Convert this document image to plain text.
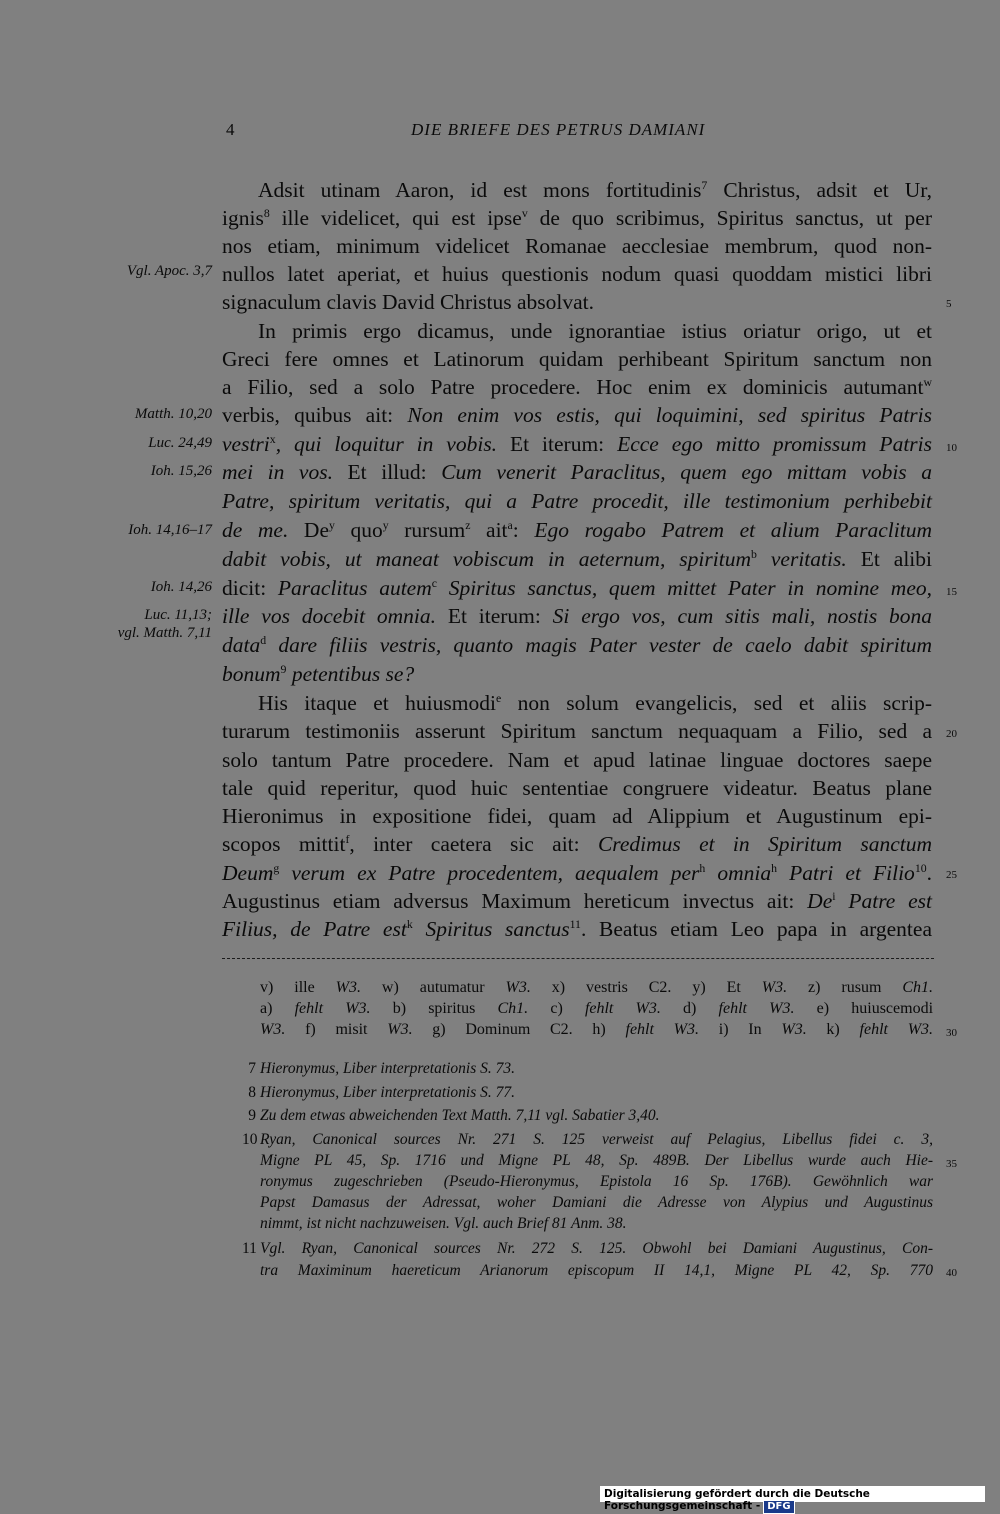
4	DIE BRIEFE DES PETRUS DAMIANI
Vgl. Apoc. 3,7
Matth. 10,20
Luc. 24,49
Ioh. 15,26
Ioh. 14,16–17
Ioh. 14,26
Luc. 11,13;
vgl. Matth. 7,11
5
10
15
20
25
30
35
40
Adsit utinam Aaron, id est mons fortitudinis$^7$ Christus, adsit et Ur,
ignis$^8$ ille videlicet, qui est ipse$^v$ de quo scribimus, Spiritus sanctus, ut per
nos etiam, minimum videlicet Romanae aecclesiae membrum, quod non-
nullos latet aperiat, et huius questionis nodum quasi quoddam mistici libri
signaculum clavis David Christus absolvat.
In primis ergo dicamus, unde ignorantiae istius oriatur origo, ut et
Greci fere omnes et Latinorum quidam perhibeant Spiritum sanctum non
a Filio, sed a solo Patre procedere. Hoc enim ex dominicis autumant$^w$
verbis, quibus ait: Non enim vos estis, qui loquimini, sed spiritus Patris
vestri$^x$, qui loquitur in vobis. Et iterum: Ecce ego mitto promissum Patris
mei in vos. Et illud: Cum venerit Paraclitus, quem ego mittam vobis a
Patre, spiritum veritatis, qui a Patre procedit, ille testimonium perhibebit
de me. De$^y$ quo$^y$ rursum$^z$ ait$^a$: Ego rogabo Patrem et alium Paraclitum
dabit vobis, ut maneat vobiscum in aeternum, spiritum$^b$ veritatis. Et alibi
dicit: Paraclitus autem$^c$ Spiritus sanctus, quem mittet Pater in nomine meo,
ille vos docebit omnia. Et iterum: Si ergo vos, cum sitis mali, nostis bona
data$^d$ dare filiis vestris, quanto magis Pater vester de caelo dabit spiritum
bonum$^9$ petentibus se?
His itaque et huiusmodi$^e$ non solum evangelicis, sed et aliis scrip-
turarum testimoniis asserunt Spiritum sanctum nequaquam a Filio, sed a
solo tantum Patre procedere. Nam et apud latinae linguae doctores saepe
tale quid reperitur, quod huic sententiae congruere videatur. Beatus plane
Hieronimus in expositione fidei, quam ad Alippium et Augustinum epi-
scopos mittit$^f$, inter caetera sic ait: Credimus et in Spiritum sanctum
Deum$^g$ verum ex Patre procedentem, aequalem per$^h$ omnia$^h$ Patri et Filio$^{10}$.
Augustinus etiam adversus Maximum hereticum invectus ait: De$^i$ Patre est
Filius, de Patre est$^k$ Spiritus sanctus$^{11}$. Beatus etiam Leo papa in argentea
v) ille W3. w) autumatur W3. x) vestris C2. y) Et W3. z) rusum Ch1.
a) fehlt W3. b) spiritus Ch1. c) fehlt W3. d) fehlt W3. e) huiuscemodi
W3. f) misit W3. g) Dominum C2. h) fehlt W3. i) In W3. k) fehlt W3.
7 Hieronymus, Liber interpretationis S. 73.
8 Hieronymus, Liber interpretationis S. 77.
9 Zu dem etwas abweichenden Text Matth. 7,11 vgl. Sabatier 3,40.
10 Ryan, Canonical sources Nr. 271 S. 125 verweist auf Pelagius, Libellus fidei c. 3,
Migne PL 45, Sp. 1716 und Migne PL 48, Sp. 489B. Der Libellus wurde auch Hie-
ronymus zugeschrieben (Pseudo-Hieronymus, Epistola 16 Sp. 176B). Gewöhnlich war
Papst Damasus der Adressat, woher Damiani die Adresse von Alypius und Augustinus
nimmt, ist nicht nachzuweisen. Vgl. auch Brief 81 Anm. 38.
11 Vgl. Ryan, Canonical sources Nr. 272 S. 125. Obwohl bei Damiani Augustinus, Con-
tra Maximinum haereticum Arianorum episcopum II 14,1, Migne PL 42, Sp. 770
Digitalisierung gefördert durch die Deutsche Forschungsgemeinschaft - DFG
